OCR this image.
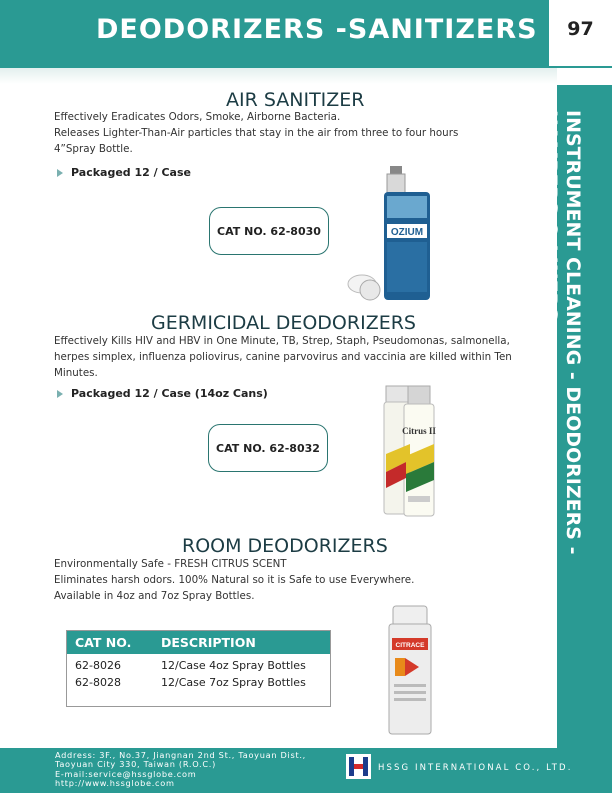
DEODORIZERS -SANITIZERS	97
INSTRUMENT CLEANING - DEODORIZERS -
HAMPERS & LINERS
AIR SANITIZER
Effectively Eradicates Odors, Smoke, Airborne Bacteria.
Releases Lighter-Than-Air particles that stay in the air from three to four hours
4”Spray Bottle.
Packaged 12 / Case
CAT NO. 62-8030	OZIUM
GERMICIDAL DEODORIZERS
Effectively Kills HIV and HBV in One Minute, TB, Strep, Staph, Pseudomonas, salmonella,
herpes simplex, influenza poliovirus, canine parvovirus and vaccinia are killed within Ten
Minutes.
Packaged 12 / Case (14oz Cans)
CAT NO. 62-8032
Citrus II
ROOM DEODORIZERS
Environmentally Safe - FRESH CITRUS SCENT
Eliminates harsh odors. 100% Natural so it is Safe to use Everywhere.
Available in 4oz and 7oz Spray Bottles.
CAT NO. DESCRIPTION
62-8026	12/Case 4oz Spray Bottles
62-8028	12/Case 7oz Spray Bottles
CITRACE
Address: 3F., No.37, Jiangnan 2nd St., Taoyuan Dist.,
Taoyuan City 330, Taiwan (R.O.C.)
E-mail:service@hssglobe.com
http://www.hssglobe.com
HSSG INTERNATIONAL CO., LTD.
